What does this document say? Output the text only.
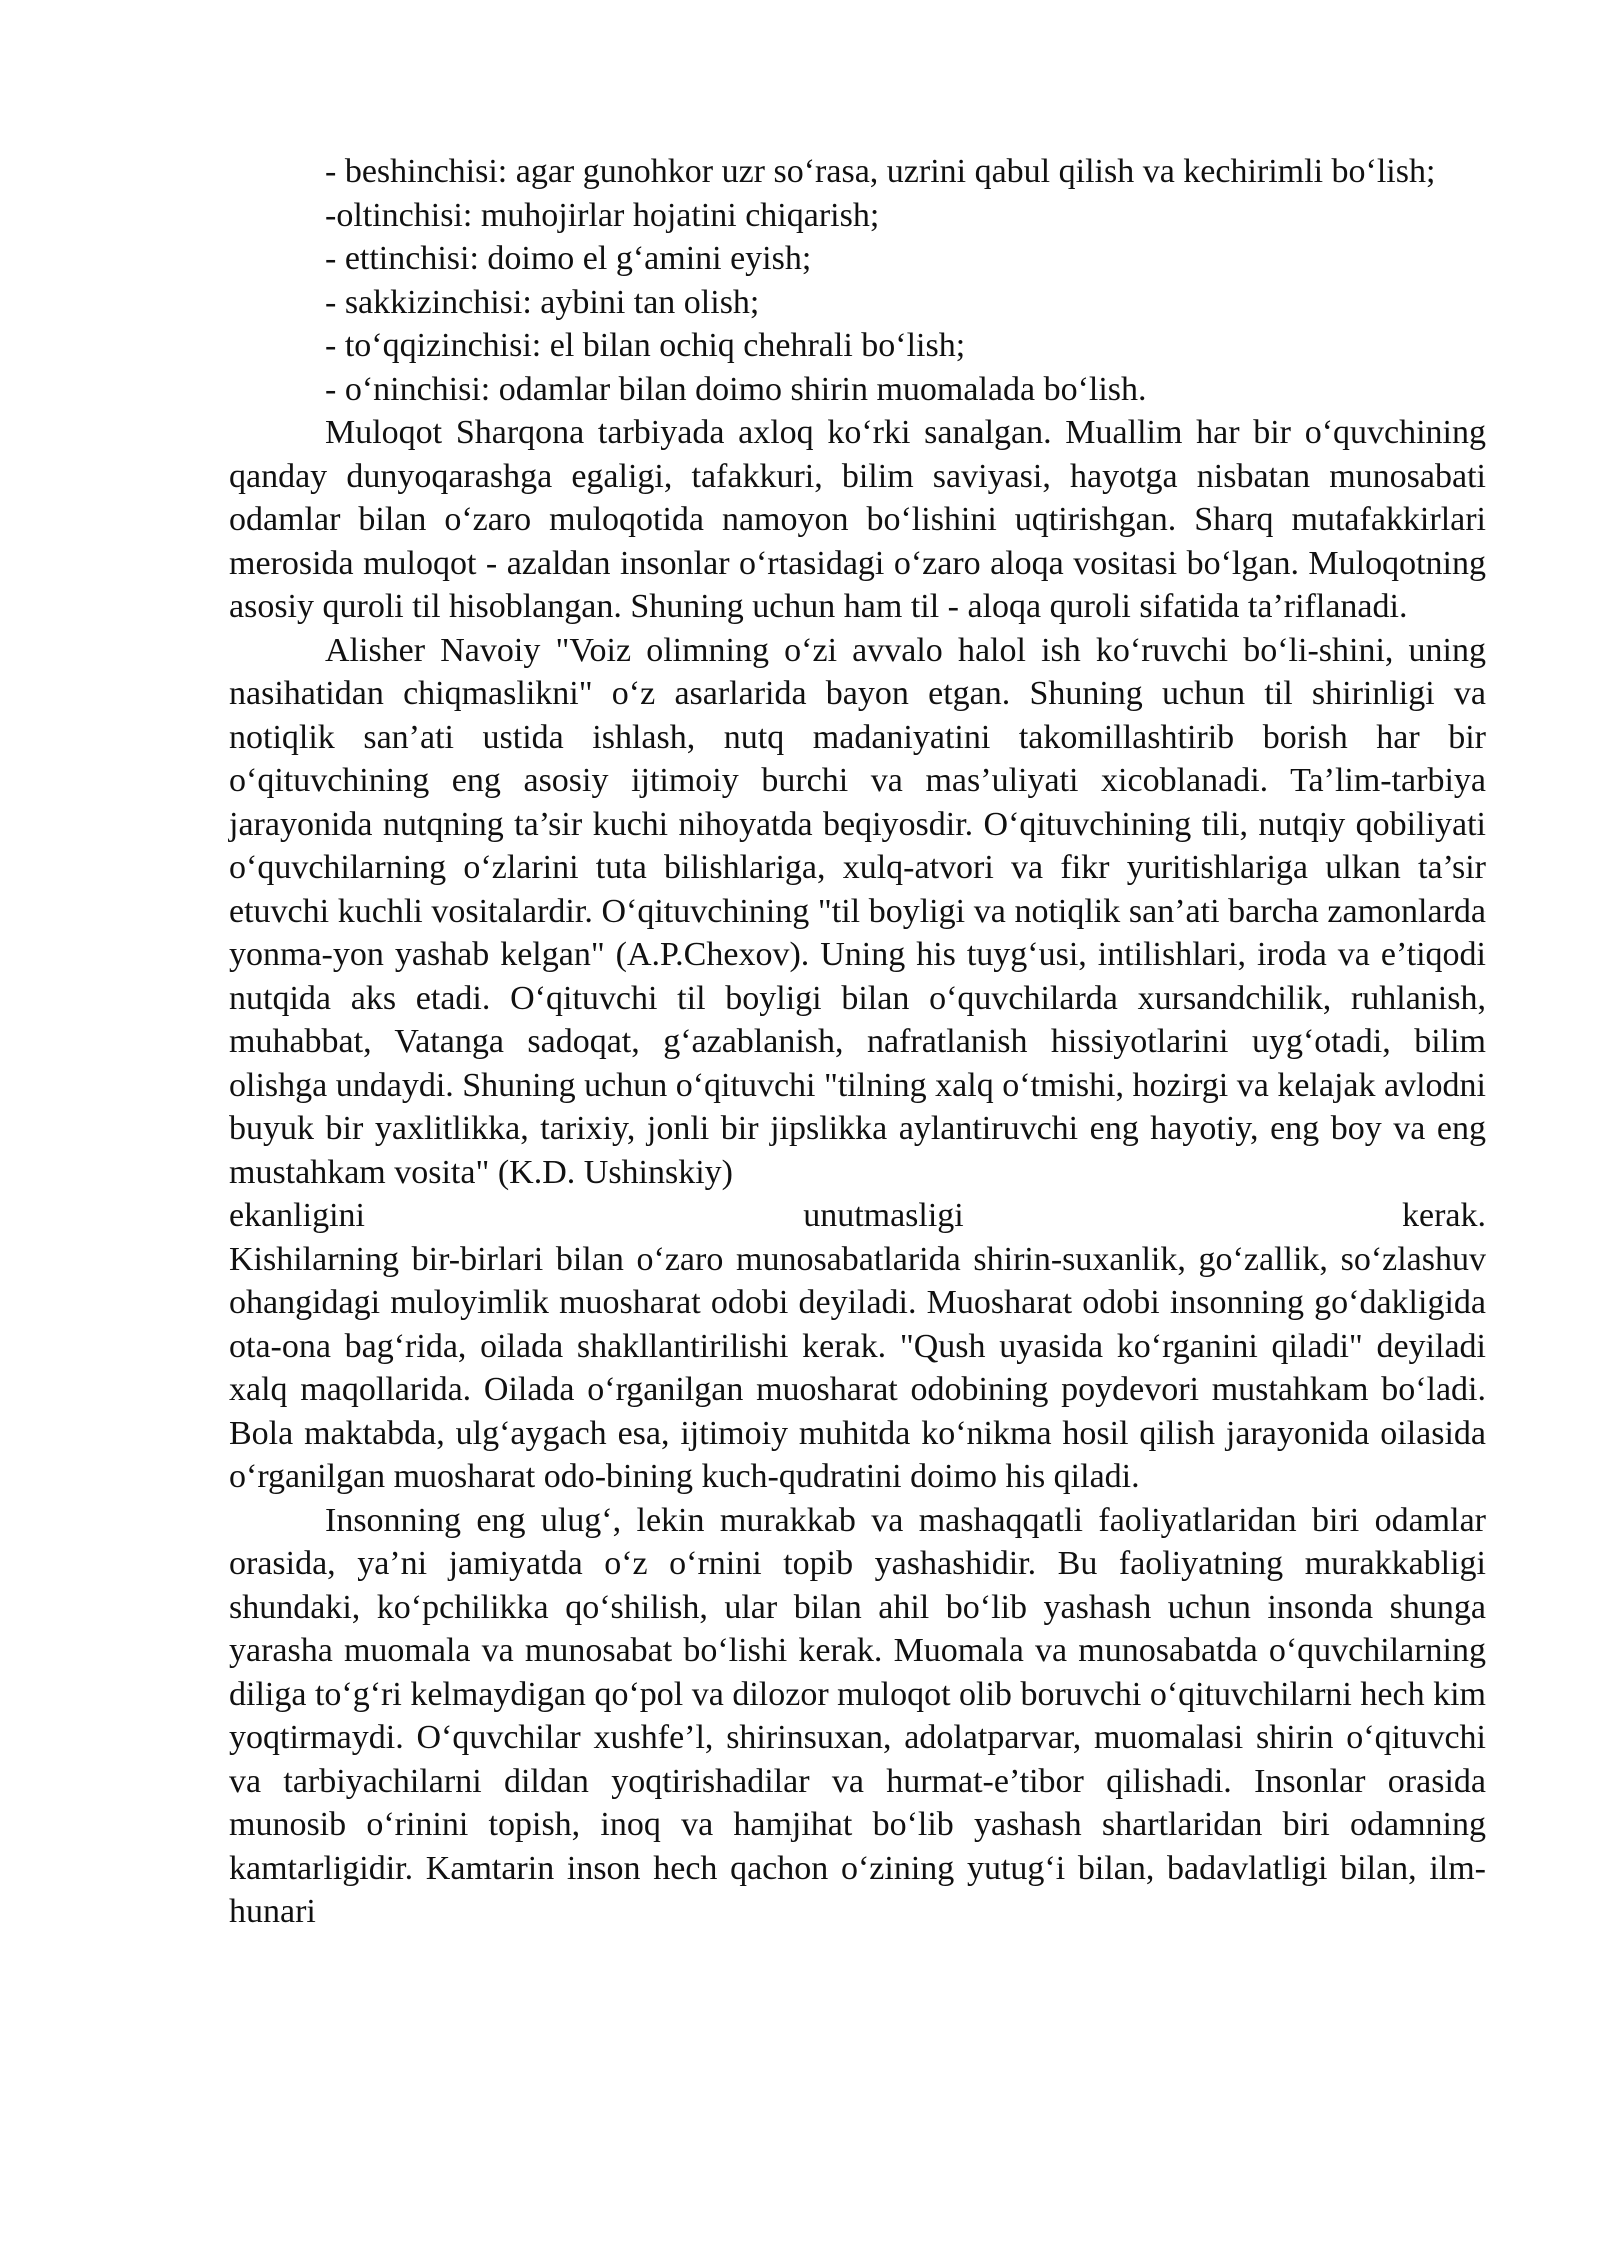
- beshinchisi: agar gunohkor uzr so‘rasa, uzrini qabul qilish va kechirimli bo‘lish;

-oltinchisi: muhojirlar hojatini chiqarish;

- ettinchisi: doimo el g‘amini eyish;

- sakkizinchisi: aybini tan olish;

- to‘qqizinchisi: el bilan ochiq chehrali bo‘lish;

- o‘ninchisi: odamlar bilan doimo shirin muomalada bo‘lish.

Muloqot Sharqona tarbiyada axloq ko‘rki sanalgan. Muallim har bir o‘quvchining qanday dunyoqarashga egaligi, tafakkuri, bilim saviyasi, hayotga nisbatan munosabati odamlar bilan o‘zaro muloqotida namoyon bo‘lishini uqtirishgan. Sharq mutafakkirlari merosida muloqot - azaldan insonlar o‘rtasidagi o‘zaro aloqa vositasi bo‘lgan. Muloqotning asosiy quroli til hisoblangan. Shuning uchun ham til - aloqa quroli sifatida ta’riflanadi.

Alisher Navoiy "Voiz olimning o‘zi avvalo halol ish ko‘ruvchi bo‘li-shini, uning nasihatidan chiqmaslikni" o‘z asarlarida bayon etgan. Shuning uchun til shirinligi va notiqlik san’ati ustida ishlash, nutq madaniyatini takomillashtirib borish har bir o‘qituvchining eng asosiy ijtimoiy burchi va mas’uliyati xicoblanadi. Ta’lim-tarbiya jarayonida nutqning ta’sir kuchi nihoyatda beqiyosdir. O‘qituvchining tili, nutqiy qobiliyati o‘quvchilarning o‘zlarini tuta bilishlariga, xulq-atvori va fikr yuritishlariga ulkan ta’sir etuvchi kuchli vositalardir. O‘qituvchining "til boyligi va notiqlik san’ati barcha zamonlarda yonma-yon yashab kelgan" (A.P.Chexov). Uning his tuyg‘usi, intilishlari, iroda va e’tiqodi nutqida aks etadi. O‘qituvchi til boyligi bilan o‘quvchilarda xursandchilik, ruhlanish, muhabbat, Vatanga sadoqat, g‘azablanish, nafratlanish hissiyotlarini uyg‘otadi, bilim olishga undaydi. Shuning uchun o‘qituvchi "tilning xalq o‘tmishi, hozirgi va kelajak avlodni buyuk bir yaxlitlikka, tarixiy, jonli bir jipslikka aylantiruvchi eng hayotiy, eng boy va eng mustahkam vosita" (K.D. Ushinskiy)

ekanligini unutmasligi kerak.

Kishilarning bir-birlari bilan o‘zaro munosabatlarida shirin-suxanlik, go‘zallik, so‘zlashuv ohangidagi muloyimlik muosharat odobi deyiladi. Muosharat odobi insonning go‘dakligida ota-ona bag‘rida, oilada shakllantirilishi kerak. "Qush uyasida ko‘rganini qiladi" deyiladi xalq maqollarida. Oilada o‘rganilgan muosharat odobining poydevori mustahkam bo‘ladi. Bola maktabda, ulg‘aygach esa, ijtimoiy muhitda ko‘nikma hosil qilish jarayonida oilasida o‘rganilgan muosharat odo-bining kuch-qudratini doimo his qiladi.

Insonning eng ulug‘, lekin murakkab va mashaqqatli faoliyatlaridan biri odamlar orasida, ya’ni jamiyatda o‘z o‘rnini topib yashashidir. Bu faoliyatning murakkabligi shundaki, ko‘pchilikka qo‘shilish, ular bilan ahil bo‘lib yashash uchun insonda shunga yarasha muomala va munosabat bo‘lishi kerak. Muomala va munosabatda o‘quvchilarning diliga to‘g‘ri kelmaydigan qo‘pol va dilozor muloqot olib boruvchi o‘qituvchilarni hech kim yoqtirmaydi. O‘quvchilar xushfe’l, shirinsuxan, adolatparvar, muomalasi shirin o‘qituvchi va tarbiyachilarni dildan yoqtirishadilar va hurmat-e’tibor qilishadi. Insonlar orasida munosib o‘rinini topish, inoq va hamjihat bo‘lib yashash shartlaridan biri odamning kamtarligidir. Kamtarin inson hech qachon o‘zining yutug‘i bilan, badavlatligi bilan, ilm-hunari
